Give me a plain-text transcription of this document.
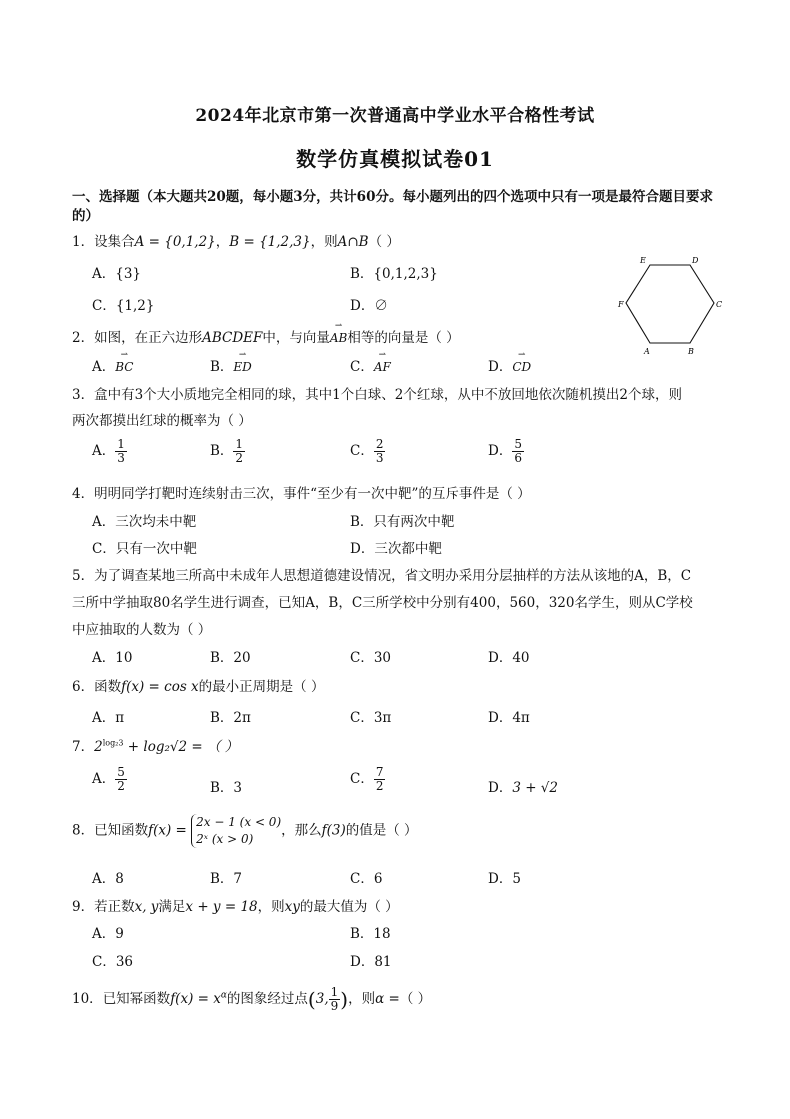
2024年北京市第一次普通高中学业水平合格性考试
数学仿真模拟试卷01
一、选择题（本大题共20题，每小题3分，共计60分。每小题列出的四个选项中只有一项是最符合题目要求的）
1．设集合A = {0,1,2}，B = {1,2,3}，则A∩B（ ）
A．{3}	B．{0,1,2,3}
C．{1,2}	D．∅
A	B
C
D
E
F
2．如图，在正六边形ABCDEF中，与向量⇀ AB相等的向量是（ ）
A．⇀ BC	B．⇀ ED	C．⇀ AF	D．⇀ CD
3．盒中有3个大小质地完全相同的球，其中1个白球、2个红球，从中不放回地依次随机摸出2个球，则
两次都摸出红球的概率为（ ）
A． $\frac{1}{3}$	B． $\frac{1}{2}$	C． $\frac{2}{3}$	D． $\frac{5}{6}$
4．明明同学打靶时连续射击三次，事件“至少有一次中靶”的互斥事件是（ ）
A．三次均未中靶	B．只有两次中靶
C．只有一次中靶	D．三次都中靶
5．为了调查某地三所高中未成年人思想道德建设情况，省文明办采用分层抽样的方法从该地的A，B，C
三所中学抽取80名学生进行调查，已知A，B，C三所学校中分别有400，560，320名学生，则从C学校
中应抽取的人数为（ ）
A．10	B．20	C．30	D．40
6．函数f(x) = cos x的最小正周期是（ ）
A．π	B．2π	C．3π	D．4π
7．$2^{log_23} + \log_2√2$ = （ ）
A． $\frac{5}{2}$	B．3
C． $\frac{7}{2}$	D．3 + √2
8．已知函数f(x) =
2x − 1 (x < 0)
2ˣ (x > 0)
，那么f(3)的值是（ ）
A．8	B．7	C．6	D．5
9．若正数x, y满足x + y = 18，则xy的最大值为（ ）
A．9	B．18
C．36	D．81
10．已知幂函数$f(x) = x^\alpha$的图象经过点(3, $\frac{1}{9}$ )，则α =（ ）
